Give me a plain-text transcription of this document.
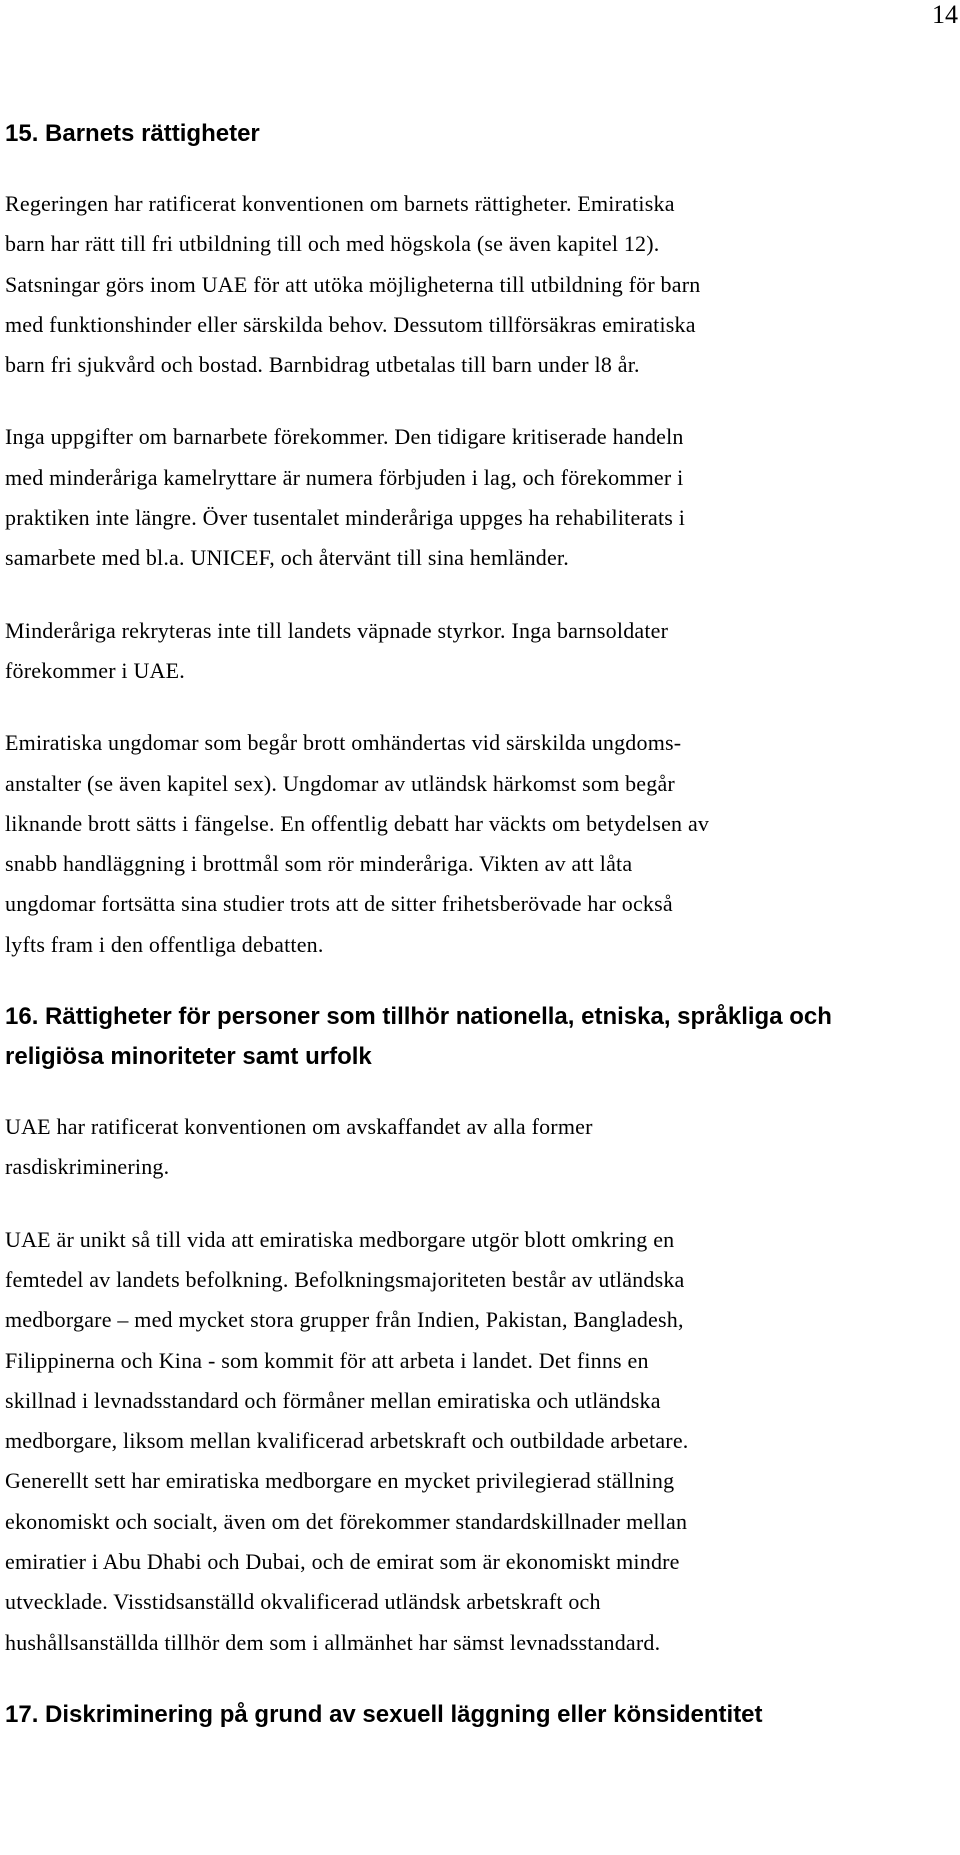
14
15. Barnets rättigheter

Regeringen har ratificerat konventionen om barnets rättigheter. Emiratiska
barn har rätt till fri utbildning till och med högskola (se även kapitel 12).
Satsningar görs inom UAE för att utöka möjligheterna till utbildning för barn
med funktionshinder eller särskilda behov. Dessutom tillförsäkras emiratiska
barn fri sjukvård och bostad. Barnbidrag utbetalas till barn under l8 år.

Inga uppgifter om barnarbete förekommer. Den tidigare kritiserade handeln
med minderåriga kamelryttare är numera förbjuden i lag, och förekommer i
praktiken inte längre. Över tusentalet minderåriga uppges ha rehabiliterats i
samarbete med bl.a. UNICEF, och återvänt till sina hemländer.

Minderåriga rekryteras inte till landets väpnade styrkor. Inga barnsoldater
förekommer i UAE.

Emiratiska ungdomar som begår brott omhändertas vid särskilda ungdoms-
anstalter (se även kapitel sex). Ungdomar av utländsk härkomst som begår
liknande brott sätts i fängelse. En offentlig debatt har väckts om betydelsen av
snabb handläggning i brottmål som rör minderåriga. Vikten av att låta
ungdomar fortsätta sina studier trots att de sitter frihetsberövade har också
lyfts fram i den offentliga debatten.

16. Rättigheter för personer som tillhör nationella, etniska, språkliga och
religiösa minoriteter samt urfolk

UAE har ratificerat konventionen om avskaffandet av alla former
rasdiskriminering.

UAE är unikt så till vida att emiratiska medborgare utgör blott omkring en
femtedel av landets befolkning. Befolkningsmajoriteten består av utländska
medborgare – med mycket stora grupper från Indien, Pakistan, Bangladesh,
Filippinerna och Kina - som kommit för att arbeta i landet. Det finns en
skillnad i levnadsstandard och förmåner mellan emiratiska och utländska
medborgare, liksom mellan kvalificerad arbetskraft och outbildade arbetare.
Generellt sett har emiratiska medborgare en mycket privilegierad ställning
ekonomiskt och socialt, även om det förekommer standardskillnader mellan
emiratier i Abu Dhabi och Dubai, och de emirat som är ekonomiskt mindre
utvecklade. Visstidsanställd okvalificerad utländsk arbetskraft och
hushållsanställda tillhör dem som i allmänhet har sämst levnadsstandard.

17. Diskriminering på grund av sexuell läggning eller könsidentitet
